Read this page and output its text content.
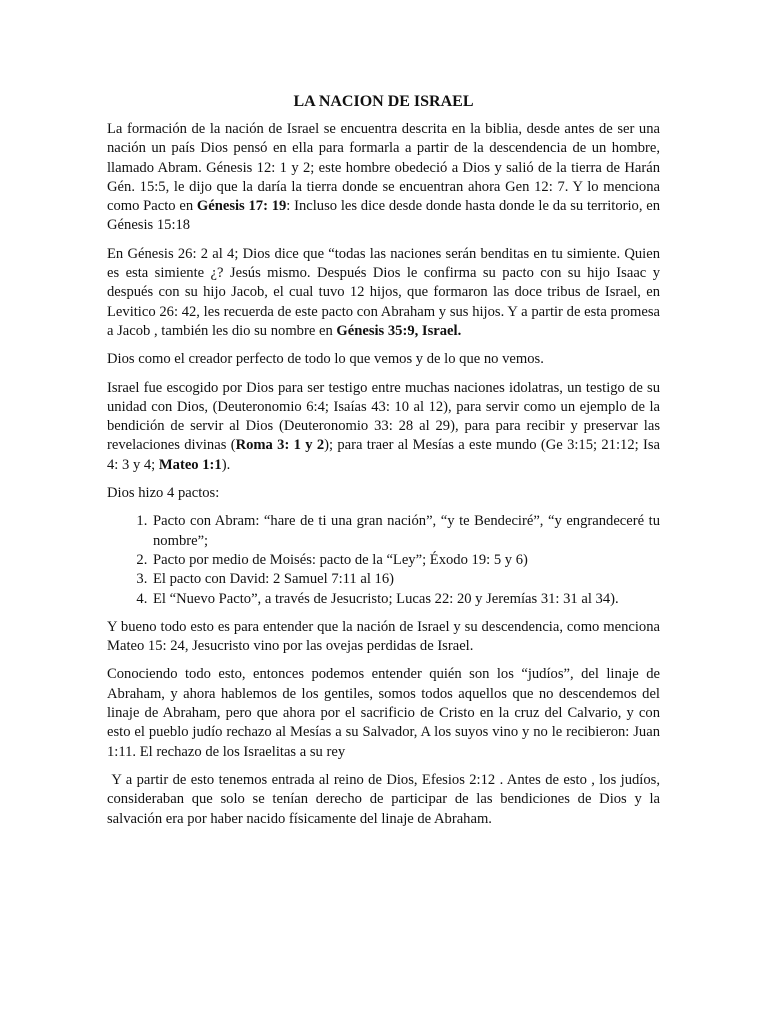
LA NACION DE ISRAEL

La formación de la nación de Israel se encuentra descrita en la biblia, desde antes de ser una nación un país Dios pensó en ella para formarla a partir de la descendencia de un hombre, llamado Abram. Génesis 12: 1 y 2; este hombre obedeció a Dios y salió de la tierra de Harán Gén. 15:5, le dijo que la daría la tierra donde se encuentran ahora Gen 12: 7. Y lo menciona como Pacto en Génesis 17: 19: Incluso les dice desde donde hasta donde le da su territorio, en Génesis 15:18

En Génesis 26: 2 al 4; Dios dice que “todas las naciones serán benditas en tu simiente. Quien es esta simiente ¿? Jesús mismo. Después Dios le confirma su pacto con su hijo Isaac y después con su hijo Jacob, el cual tuvo 12 hijos, que formaron las doce tribus de Israel, en Levitico 26: 42, les recuerda de este pacto con Abraham y sus hijos. Y a partir de esta promesa a Jacob , también les dio su nombre en Génesis 35:9, Israel.

Dios como el creador perfecto de todo lo que vemos y de lo que no vemos.

Israel fue escogido por Dios para ser testigo entre muchas naciones idolatras, un testigo de su unidad con Dios, (Deuteronomio 6:4; Isaías 43: 10 al 12), para servir como un ejemplo de la bendición de servir al Dios (Deuteronomio 33: 28 al 29), para para recibir y preservar las revelaciones divinas (Roma 3: 1 y 2); para traer al Mesías a este mundo (Ge 3:15; 21:12; Isa 4: 3 y 4; Mateo 1:1).

Dios hizo 4 pactos:

1. Pacto con Abram: “hare de ti una gran nación”, “y te Bendeciré”, “y engrandeceré tu nombre”;
2. Pacto por medio de Moisés: pacto de la “Ley”; Éxodo 19: 5 y 6)
3. El pacto con David: 2 Samuel 7:11 al 16)
4. El “Nuevo Pacto”, a través de Jesucristo; Lucas 22: 20 y Jeremías 31: 31 al 34).

Y bueno todo esto es para entender que la nación de Israel y su descendencia, como menciona Mateo 15: 24, Jesucristo vino por las ovejas perdidas de Israel.

Conociendo todo esto, entonces podemos entender quién son los “judíos”, del linaje de Abraham, y ahora hablemos de los gentiles, somos todos aquellos que no descendemos del linaje de Abraham, pero que ahora por el sacrificio de Cristo en la cruz del Calvario, y con esto el pueblo judío rechazo al Mesías a su Salvador, A los suyos vino y no le recibieron: Juan 1:11. El rechazo de los Israelitas a su rey

Y a partir de esto tenemos entrada al reino de Dios, Efesios 2:12 . Antes de esto , los judíos, consideraban que solo se tenían derecho de participar de las bendiciones de Dios y la salvación era por haber nacido físicamente del linaje de Abraham.
